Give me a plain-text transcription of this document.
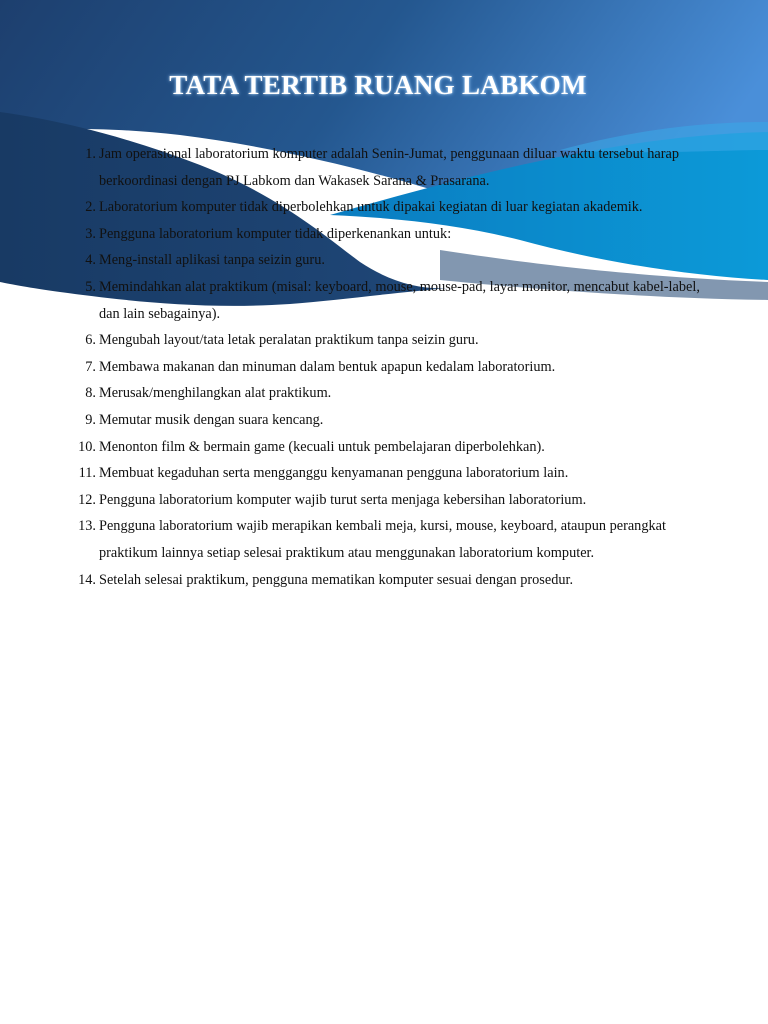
TATA TERTIB RUANG LABKOM
1. Jam operasional laboratorium komputer adalah Senin-Jumat, penggunaan diluar waktu tersebut harap berkoordinasi dengan PJ Labkom dan Wakasek Sarana & Prasarana.
2. Laboratorium komputer tidak diperbolehkan untuk dipakai kegiatan di luar kegiatan akademik.
3. Pengguna laboratorium komputer tidak diperkenankan untuk:
4. Meng-install aplikasi tanpa seizin guru.
5. Memindahkan alat praktikum (misal: keyboard, mouse, mouse-pad, layar monitor, mencabut kabel-label, dan lain sebagainya).
6. Mengubah layout/tata letak peralatan praktikum tanpa seizin guru.
7. Membawa makanan dan minuman dalam bentuk apapun kedalam laboratorium.
8. Merusak/menghilangkan alat praktikum.
9. Memutar musik dengan suara kencang.
10. Menonton film & bermain game (kecuali untuk pembelajaran diperbolehkan).
11. Membuat kegaduhan serta mengganggu kenyamanan pengguna laboratorium lain.
12. Pengguna laboratorium komputer wajib turut serta menjaga kebersihan laboratorium.
13. Pengguna laboratorium wajib merapikan kembali meja, kursi, mouse, keyboard, ataupun perangkat praktikum lainnya setiap selesai praktikum atau menggunakan laboratorium komputer.
14. Setelah selesai praktikum, pengguna mematikan komputer sesuai dengan prosedur.
